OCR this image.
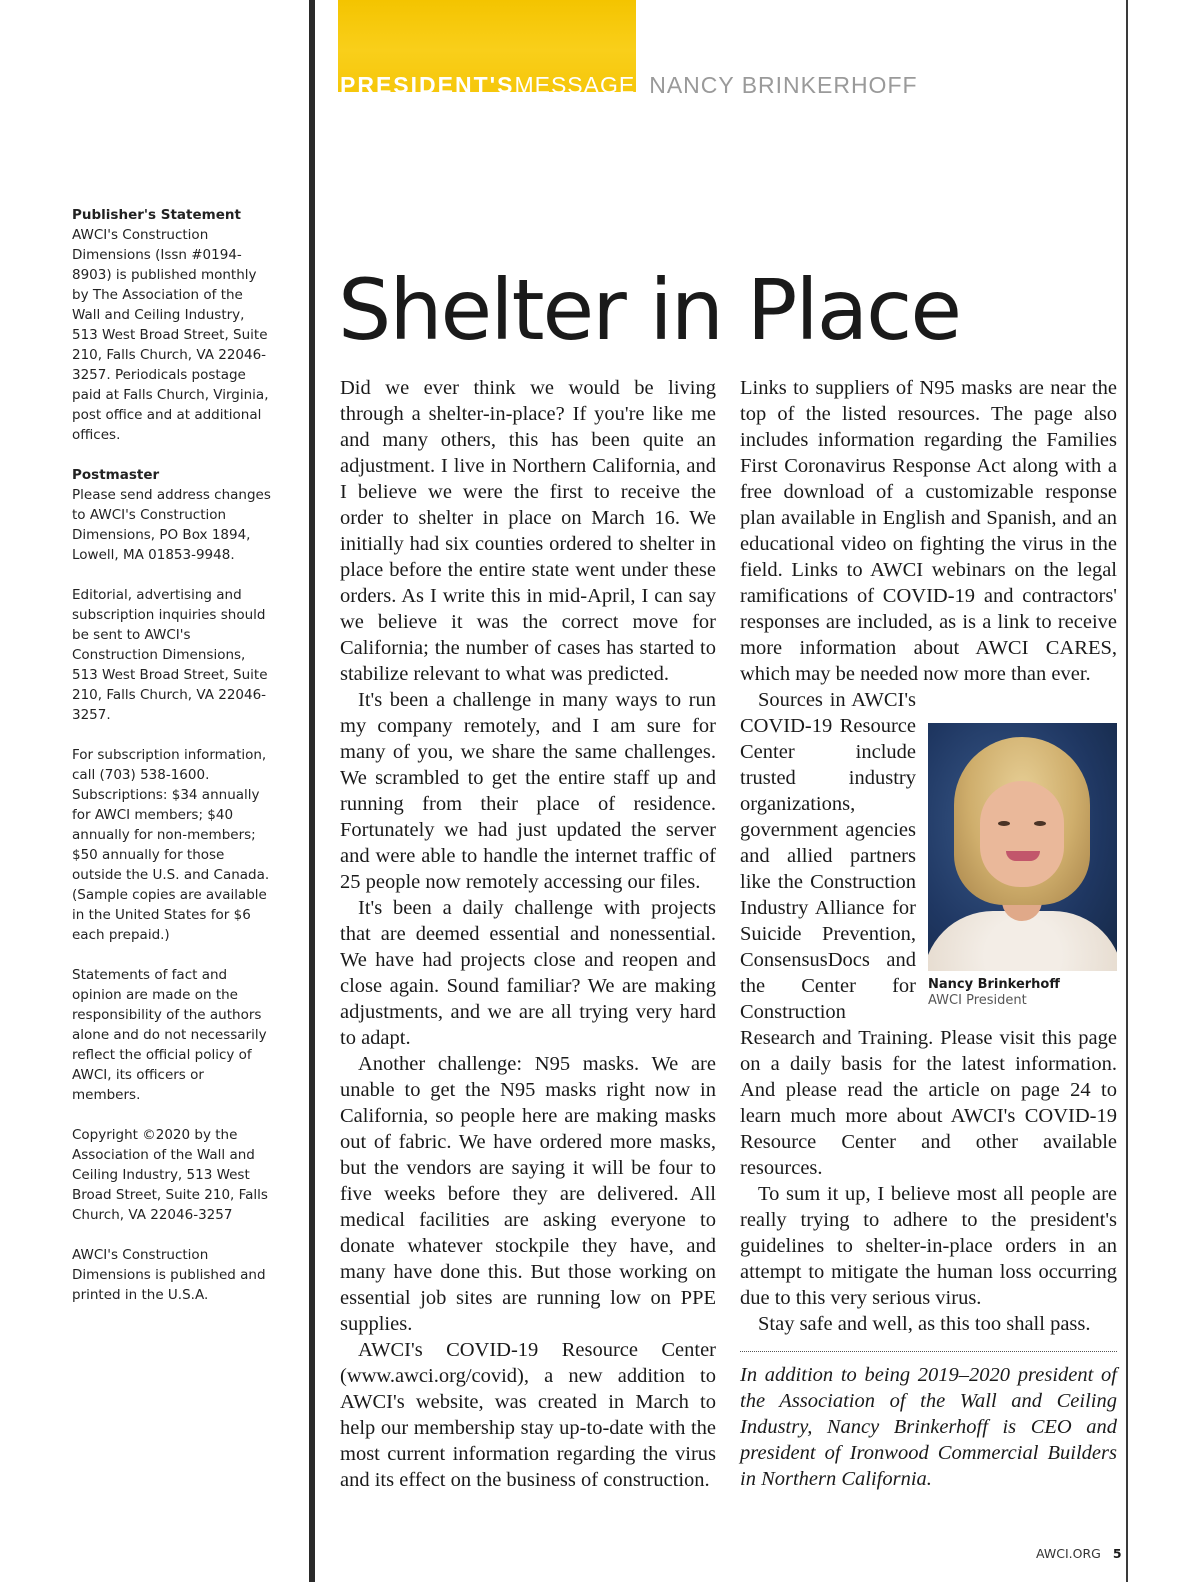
PRESIDENT'SMESSAGE NANCY BRINKERHOFF

Publisher's Statement
AWCI's Construction Dimensions (Issn #0194-8903) is published monthly by The Association of the Wall and Ceiling Industry, 513 West Broad Street, Suite 210, Falls Church, VA 22046-3257. Periodicals postage paid at Falls Church, Virginia, post office and at additional offices.

Postmaster
Please send address changes to AWCI's Construction Dimensions, PO Box 1894, Lowell, MA 01853-9948.

Editorial, advertising and subscription inquiries should be sent to AWCI's Construction Dimensions, 513 West Broad Street, Suite 210, Falls Church, VA 22046-3257.

For subscription information, call (703) 538-1600. Subscriptions: $34 annually for AWCI members; $40 annually for non-members; $50 annually for those outside the U.S. and Canada. (Sample copies are available in the United States for $6 each prepaid.)

Statements of fact and opinion are made on the responsibility of the authors alone and do not necessarily reflect the official policy of AWCI, its officers or members.

Copyright ©2020 by the Association of the Wall and Ceiling Industry, 513 West Broad Street, Suite 210, Falls Church, VA 22046-3257

AWCI's Construction Dimensions is published and printed in the U.S.A.

Shelter in Place

Did we ever think we would be living through a shelter-in-place? If you're like me and many others, this has been quite an adjustment. I live in Northern California, and I believe we were the first to receive the order to shelter in place on March 16. We initially had six counties ordered to shelter in place before the entire state went under these orders. As I write this in mid-April, I can say we believe it was the correct move for California; the number of cases has started to stabilize relevant to what was predicted.

It's been a challenge in many ways to run my company remotely, and I am sure for many of you, we share the same challenges. We scrambled to get the entire staff up and running from their place of residence. Fortunately we had just updated the server and were able to handle the internet traffic of 25 people now remotely accessing our files.

It's been a daily challenge with projects that are deemed essential and nonessential. We have had projects close and reopen and close again. Sound familiar? We are making adjustments, and we are all trying very hard to adapt.

Another challenge: N95 masks. We are unable to get the N95 masks right now in California, so people here are making masks out of fabric. We have ordered more masks, but the vendors are saying it will be four to five weeks before they are delivered. All medical facilities are asking everyone to donate whatever stockpile they have, and many have done this. But those working on essential job sites are running low on PPE supplies.

AWCI's COVID-19 Resource Center (www.awci.org/covid), a new addition to AWCI's website, was created in March to help our membership stay up-to-date with the most current information regarding the virus and its effect on the business of construction.

Links to suppliers of N95 masks are near the top of the listed resources. The page also includes information regarding the Families First Coronavirus Response Act along with a free download of a customizable response plan available in English and Spanish, and an educational video on fighting the virus in the field. Links to AWCI webinars on the legal ramifications of COVID-19 and contractors' responses are included, as is a link to receive more information about AWCI CARES, which may be needed now more than ever.

Nancy Brinkerhoff
AWCI President

Sources in AWCI's COVID-19 Resource Center include trusted industry organizations, government agencies and allied partners like the Construction Industry Alliance for Suicide Prevention, ConsensusDocs and the Center for Construction Research and Training. Please visit this page on a daily basis for the latest information. And please read the article on page 24 to learn much more about AWCI's COVID-19 Resource Center and other available resources.

To sum it up, I believe most all people are really trying to adhere to the president's guidelines to shelter-in-place orders in an attempt to mitigate the human loss occurring due to this very serious virus.

Stay safe and well, as this too shall pass.

In addition to being 2019–2020 president of the Association of the Wall and Ceiling Industry, Nancy Brinkerhoff is CEO and president of Ironwood Commercial Builders in Northern California.

AWCI.ORG 5
